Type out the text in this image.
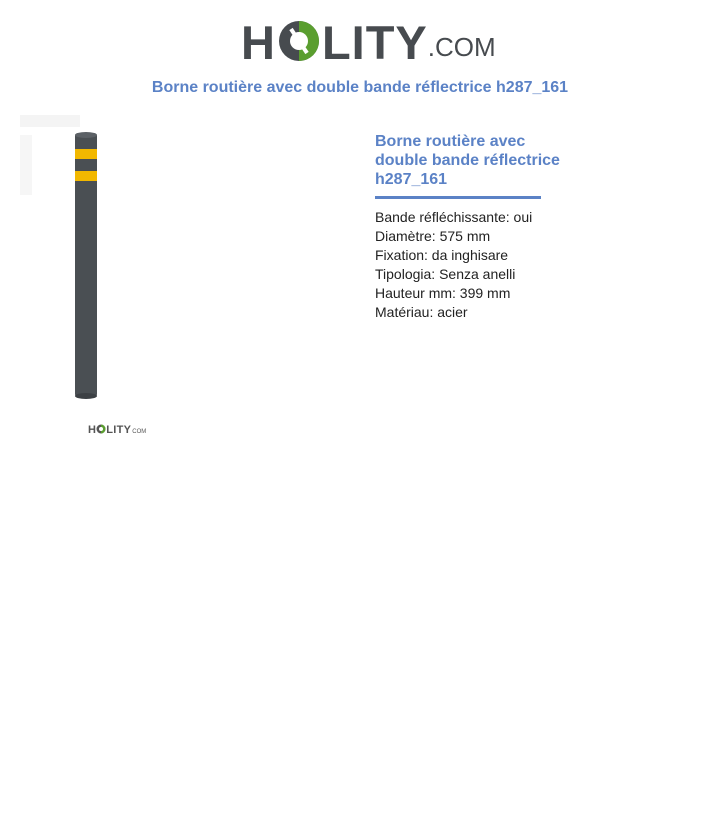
H LITY .COM
Borne routière avec double bande réflectrice h287_161
H LITY COM
Borne routière avec double bande réflectrice h287_161
Bande réfléchissante: oui
Diamètre: 575 mm
Fixation: da inghisare
Tipologia: Senza anelli
Hauteur mm: 399 mm
Matériau: acier
